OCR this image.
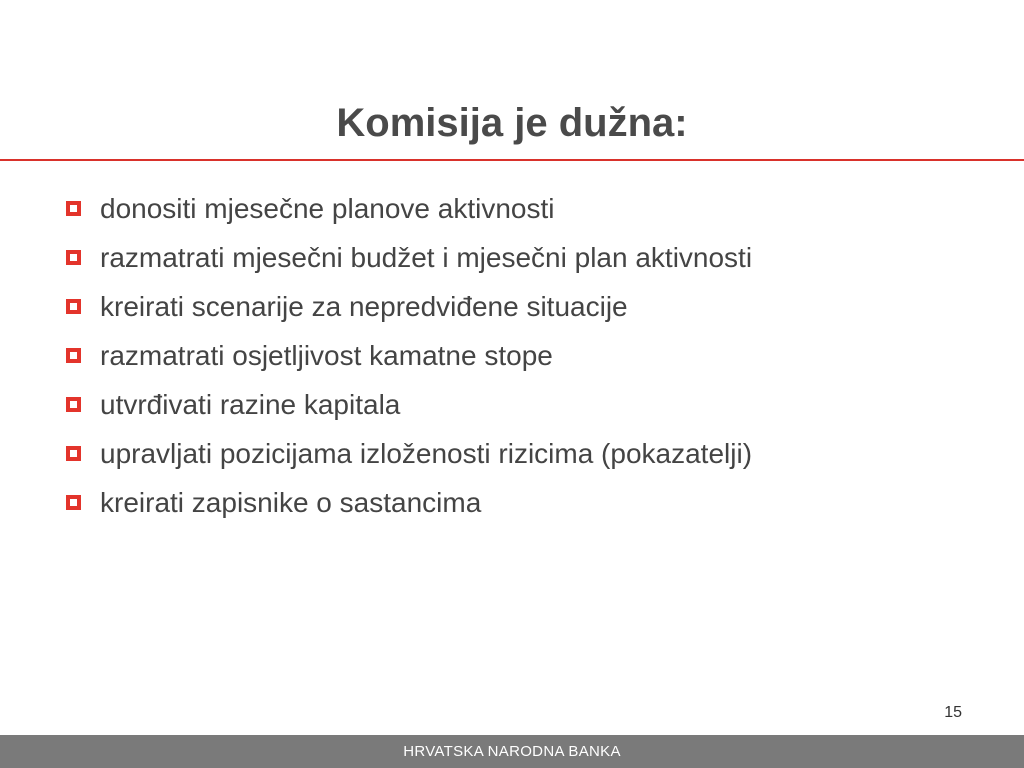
Komisija je dužna:
donositi mjesečne planove aktivnosti
razmatrati mjesečni budžet i mjesečni plan aktivnosti
kreirati scenarije za nepredviđene situacije
razmatrati osjetljivost kamatne stope
utvrđivati razine kapitala
upravljati pozicijama izloženosti rizicima (pokazatelji)
kreirati zapisnike o sastancima
15
HRVATSKA NARODNA BANKA
